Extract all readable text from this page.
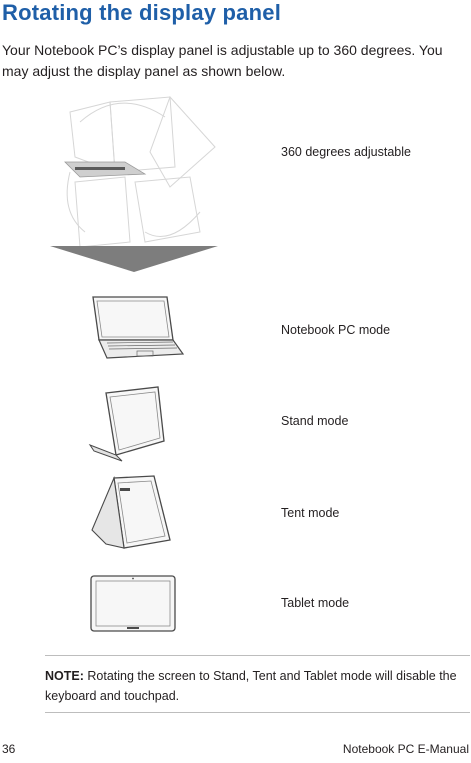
Rotating the display panel
Your Notebook PC’s display panel is adjustable up to 360 degrees. You may adjust the display panel as shown below.
360 degrees adjustable
Notebook PC mode
Stand mode
Tent mode
Tablet mode
NOTE: Rotating the screen to Stand, Tent and Tablet mode will disable the keyboard and touchpad.
36	Notebook PC E-Manual
